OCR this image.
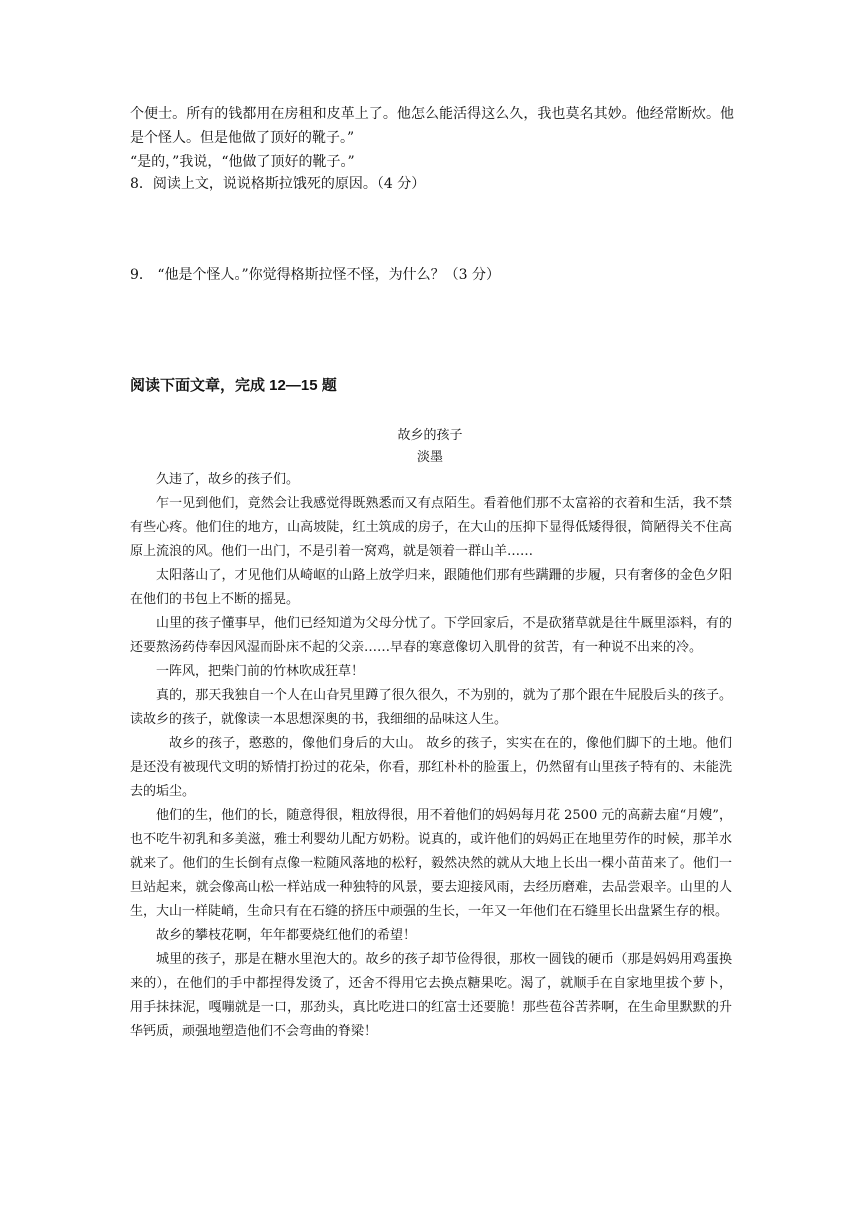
个便士。所有的钱都用在房租和皮革上了。他怎么能活得这么久，我也莫名其妙。他经常断炊。他是个怪人。但是他做了顶好的靴子。”

“是的，”我说，“他做了顶好的靴子。”

8．阅读上文，说说格斯拉饿死的原因。（4 分）

9． “他是个怪人。”你觉得格斯拉怪不怪，为什么？（3 分）

阅读下面文章，完成 12—15 题

故乡的孩子

淡墨

久违了，故乡的孩子们。

乍一见到他们，竟然会让我感觉得既熟悉而又有点陌生。看着他们那不太富裕的衣着和生活，我不禁有些心疼。他们住的地方，山高坡陡，红土筑成的房子，在大山的压抑下显得低矮得很，简陋得关不住高原上流浪的风。他们一出门，不是引着一窝鸡，就是领着一群山羊……

太阳落山了，才见他们从崎岖的山路上放学归来，跟随他们那有些蹒跚的步履，只有奢侈的金色夕阳在他们的书包上不断的摇晃。

山里的孩子懂事早，他们已经知道为父母分忧了。下学回家后，不是砍猪草就是往牛厩里添料，有的还要熬汤药侍奉因风湿而卧床不起的父亲……早春的寒意像切入肌骨的贫苦，有一种说不出来的冷。

一阵风，把柴门前的竹林吹成狂草！

真的，那天我独自一个人在山旮旯里蹲了很久很久，不为别的，就为了那个跟在牛屁股后头的孩子。读故乡的孩子，就像读一本思想深奥的书，我细细的品味这人生。

故乡的孩子，憨憨的，像他们身后的大山。 故乡的孩子，实实在在的，像他们脚下的土地。他们是还没有被现代文明的矫情打扮过的花朵，你看，那红朴朴的脸蛋上，仍然留有山里孩子特有的、未能洗去的垢尘。

他们的生，他们的长，随意得很，粗放得很，用不着他们的妈妈每月花 2500 元的高薪去雇“月嫂”，也不吃牛初乳和多美滋，雅士利婴幼儿配方奶粉。说真的，或许他们的妈妈正在地里劳作的时候，那羊水就来了。他们的生长倒有点像一粒随风落地的松籽，毅然决然的就从大地上长出一棵小苗苗来了。他们一旦站起来，就会像高山松一样站成一种独特的风景，要去迎接风雨，去经历磨难，去品尝艰辛。山里的人生，大山一样陡峭，生命只有在石缝的挤压中顽强的生长，一年又一年他们在石缝里长出盘紧生存的根。

故乡的攀枝花啊，年年都要烧红他们的希望！

城里的孩子，那是在糖水里泡大的。故乡的孩子却节俭得很，那枚一圆钱的硬币（那是妈妈用鸡蛋换来的），在他们的手中都捏得发烫了，还舍不得用它去换点糖果吃。渴了，就顺手在自家地里拔个萝卜，用手抹抹泥，嘎嘣就是一口，那劲头，真比吃进口的红富士还要脆！那些苞谷苦荞啊，在生命里默默的升华钙质，顽强地塑造他们不会弯曲的脊梁！
